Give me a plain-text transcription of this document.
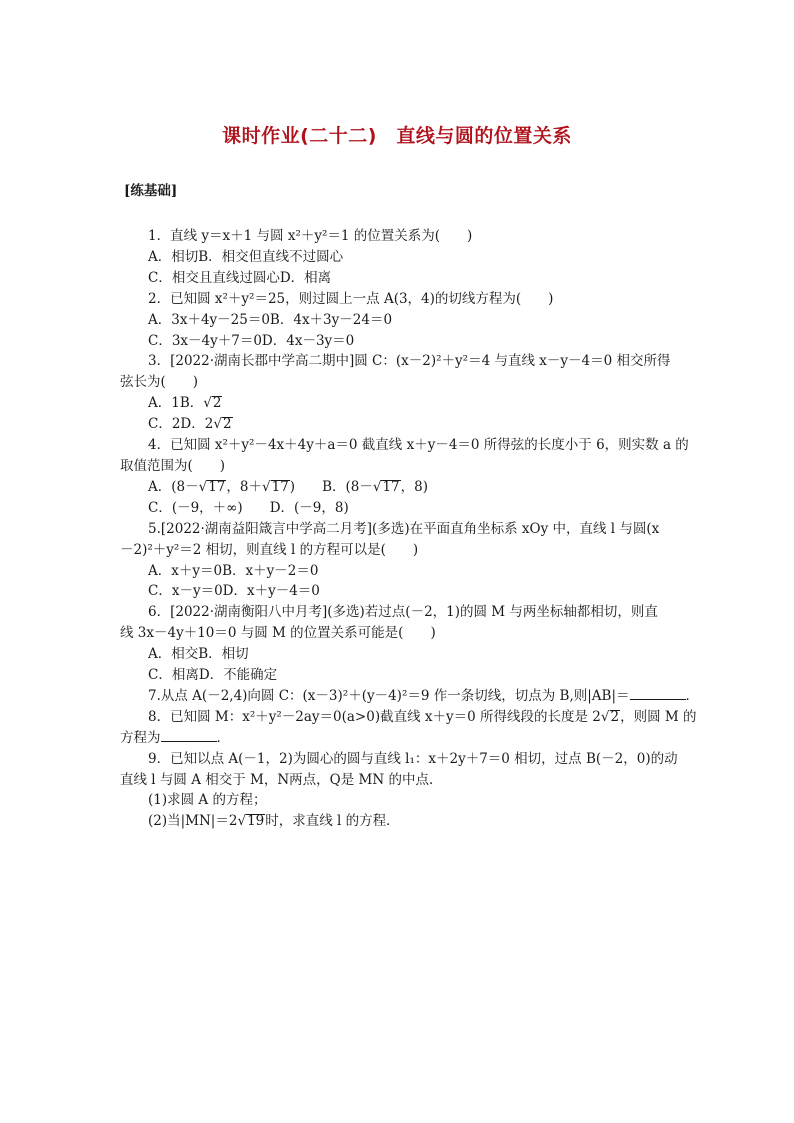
课时作业(二十二)　直线与圆的位置关系
[练基础]
1．直线 y＝x＋1 与圆 x²＋y²＝1 的位置关系为(　　)
A．相切B．相交但直线不过圆心
C．相交且直线过圆心D．相离
2．已知圆 x²＋y²＝25，则过圆上一点 A(3，4)的切线方程为(　　)
A．3x＋4y－25＝0B．4x＋3y－24＝0
C．3x－4y＋7＝0D．4x－3y＝0
3．[2022·湖南长郡中学高二期中]圆 C：(x－2)²＋y²＝4 与直线 x－y－4＝0 相交所得
弦长为(　　)
A．1B．√2
C．2D．2√2
4．已知圆 x²＋y²－4x＋4y＋a＝0 截直线 x＋y－4＝0 所得弦的长度小于 6，则实数 a 的
取值范围为(　　)
A．(8－√17，8＋√17)　　B．(8－√17，8)
C．(－9，＋∞)　　D．(－9，8)
5.[2022·湖南益阳箴言中学高二月考](多选)在平面直角坐标系 xOy 中，直线 l 与圆(x
－2)²＋y²＝2 相切，则直线 l 的方程可以是(　　)
A．x＋y＝0B．x＋y－2＝0
C．x－y＝0D．x＋y－4＝0
6．[2022·湖南衡阳八中月考](多选)若过点(－2，1)的圆 M 与两坐标轴都相切，则直
线 3x－4y＋10＝0 与圆 M 的位置关系可能是(　　)
A．相交B．相切
C．相离D．不能确定
7.从点 A(－2,4)向圆 C：(x－3)²＋(y－4)²＝9 作一条切线，切点为 B,则|AB|＝	．
8．已知圆 M：x²＋y²－2ay＝0(a>0)截直线 x＋y＝0 所得线段的长度是 2√2，则圆 M 的
方程为	．
9．已知以点 A(－1，2)为圆心的圆与直线 l₁：x＋2y＋7＝0 相切，过点 B(－2，0)的动
直线 l 与圆 A 相交于 M，N两点，Q是 MN 的中点．
(1)求圆 A 的方程；
(2)当|MN|＝2√19时，求直线 l 的方程．
